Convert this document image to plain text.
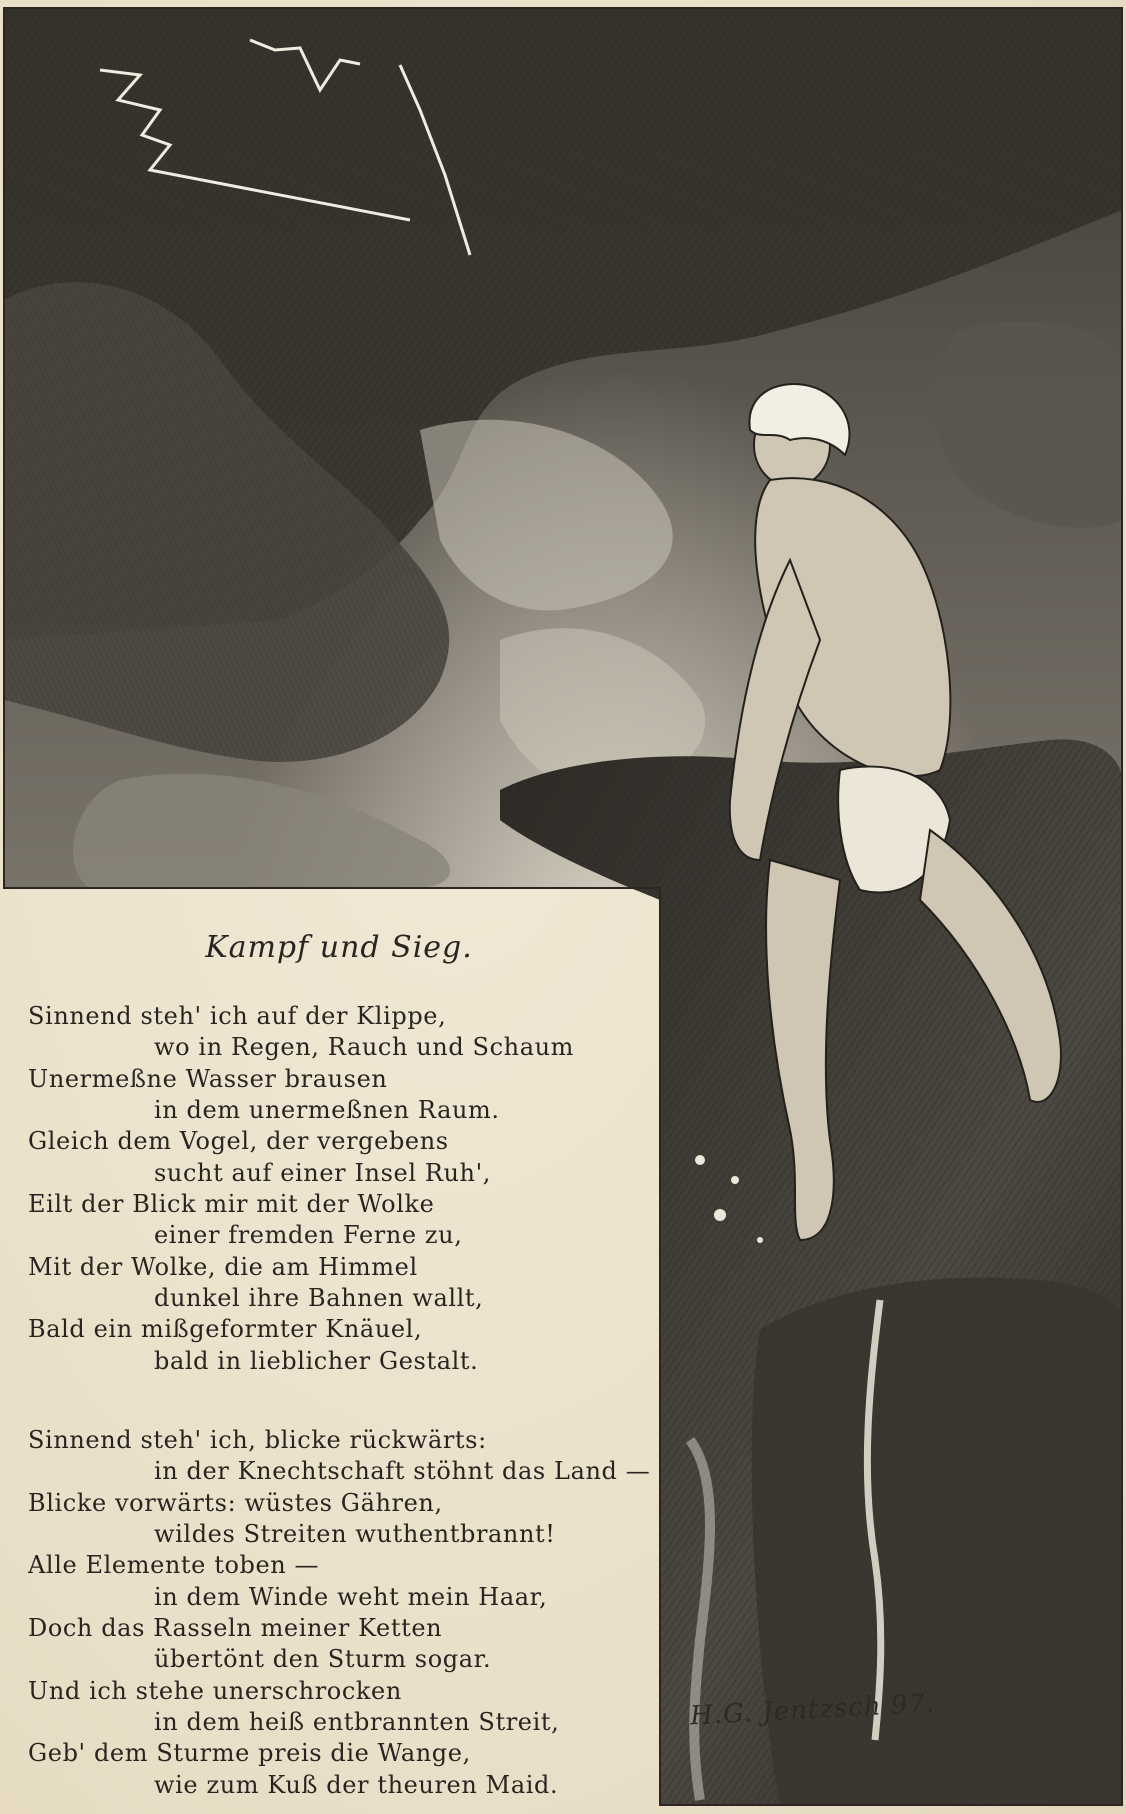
H.G. Jentzsch 97.
Kampf und Sieg.
Sinnend steh' ich auf der Klippe,
wo in Regen, Rauch und Schaum
Unermeßne Wasser brausen
in dem unermeßnen Raum.
Gleich dem Vogel, der vergebens
sucht auf einer Insel Ruh',
Eilt der Blick mir mit der Wolke
einer fremden Ferne zu,
Mit der Wolke, die am Himmel
dunkel ihre Bahnen wallt,
Bald ein mißgeformter Knäuel,
bald in lieblicher Gestalt.
Sinnend steh' ich, blicke rückwärts:
in der Knechtschaft stöhnt das Land —
Blicke vorwärts: wüstes Gähren,
wildes Streiten wuthentbrannt!
Alle Elemente toben —
in dem Winde weht mein Haar,
Doch das Rasseln meiner Ketten
übertönt den Sturm sogar.
Und ich stehe unerschrocken
in dem heiß entbrannten Streit,
Geb' dem Sturme preis die Wange,
wie zum Kuß der theuren Maid.
